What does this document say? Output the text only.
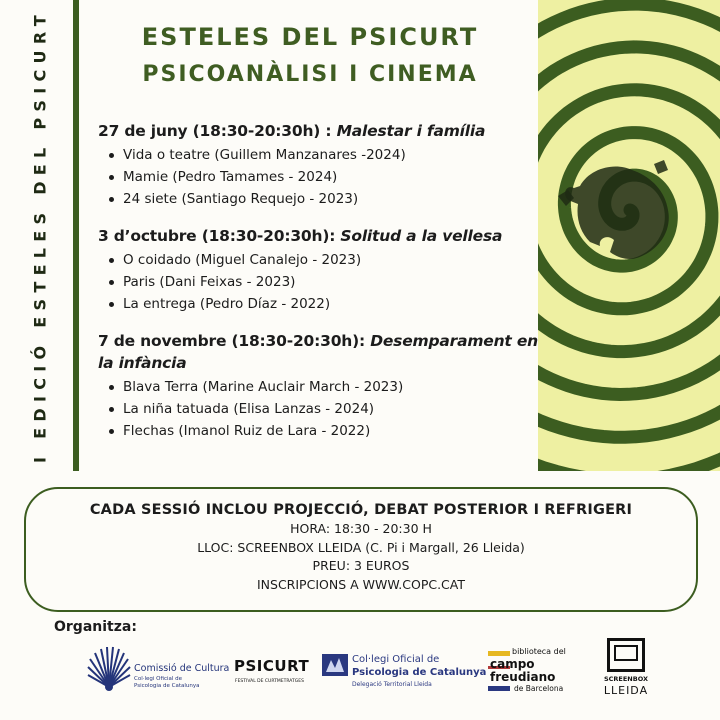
I EDICIÓ ESTELES DEL PSICURT	ESTELES DEL PSICURT
PSICOANÀLISI I CINEMA
27 de juny (18:30-20:30h) : Malestar i família
Vida o teatre (Guillem Manzanares -2024)
Mamie (Pedro Tamames - 2024)
24 siete (Santiago Requejo - 2023)
3 d’octubre (18:30-20:30h): Solitud a la vellesa
O coidado (Miguel Canalejo - 2023)
Paris (Dani Feixas - 2023)
La entrega (Pedro Díaz - 2022)
7 de novembre (18:30-20:30h): Desemparament en la infància
Blava Terra (Marine Auclair March - 2023)
La niña tatuada (Elisa Lanzas - 2024)
Flechas (Imanol Ruiz de Lara - 2022)
CADA SESSIÓ INCLOU PROJECCIÓ, DEBAT POSTERIOR I REFRIGERI
HORA: 18:30 - 20:30 H
LLOC: SCREENBOX LLEIDA (C. Pi i Margall, 26 Lleida)
PREU: 3 EUROS
INSCRIPCIONS A WWW.COPC.CAT
Organitza:
Comissió de Cultura
Col·legi Oficial de
Psicologia de Catalunya
PSICURT
FESTIVAL DE CURTMETRATGES
Col·legi Oficial de
Psicologia de Catalunya
Delegació Territorial Lleida
biblioteca del
campo
freudiano
de Barcelona
SCREENBOX
LLEIDA
